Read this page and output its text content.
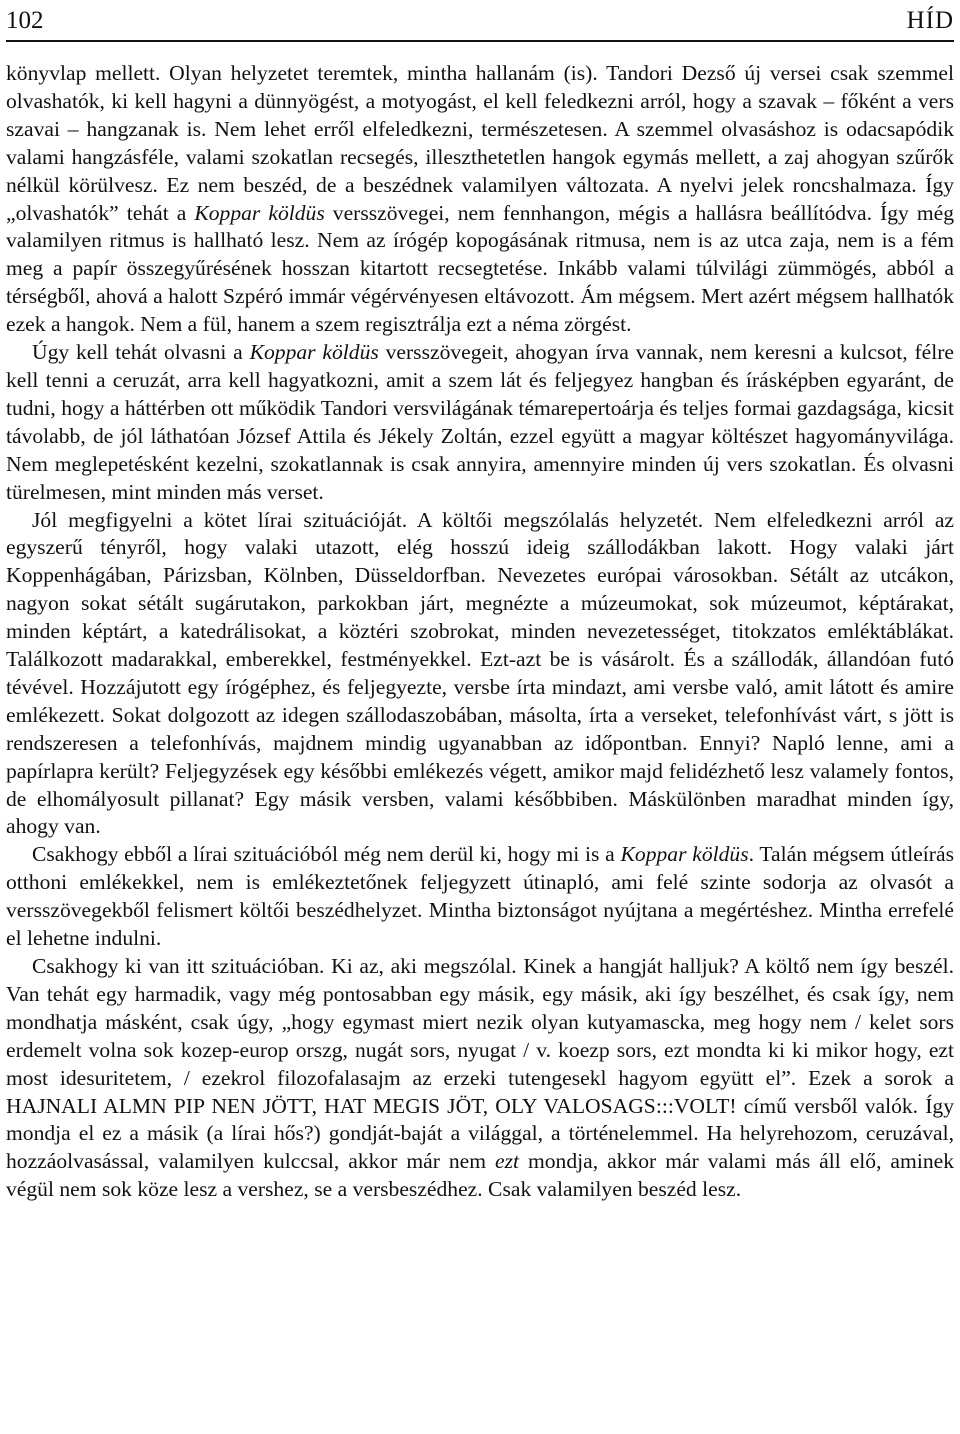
102	HÍD

könyvlap mellett. Olyan helyzetet teremtek, mintha hallanám (is). Tandori Dezső új versei csak szemmel olvashatók, ki kell hagyni a dünnyögést, a motyogást, el kell feledkezni arról, hogy a szavak – főként a vers szavai – hangzanak is. Nem lehet erről elfeledkezni, természetesen. A szemmel olvasáshoz is odacsapódik valami hangzásféle, valami szokatlan recsegés, illeszthetetlen hangok egymás mellett, a zaj ahogyan szűrők nélkül körülvesz. Ez nem beszéd, de a beszédnek valamilyen változata. A nyelvi jelek roncshalmaza. Így „olvashatók” tehát a Koppar köldüs versszövegei, nem fennhangon, mégis a hallásra beállítódva. Így még valamilyen ritmus is hallható lesz. Nem az írógép kopogásának ritmusa, nem is az utca zaja, nem is a fém meg a papír összegyűrésének hosszan kitartott recsegtetése. Inkább valami túlvilági zümmögés, abból a térségből, ahová a halott Szpéró immár végérvényesen eltávozott. Ám mégsem. Mert azért mégsem hallhatók ezek a hangok. Nem a fül, hanem a szem regisztrálja ezt a néma zörgést.

Úgy kell tehát olvasni a Koppar köldüs versszövegeit, ahogyan írva vannak, nem keresni a kulcsot, félre kell tenni a ceruzát, arra kell hagyatkozni, amit a szem lát és feljegyez hangban és írásképben egyaránt, de tudni, hogy a háttérben ott működik Tandori versvilágának témarepertoárja és teljes formai gazdagsága, kicsit távolabb, de jól láthatóan József Attila és Jékely Zoltán, ezzel együtt a magyar költészet hagyományvilága. Nem meglepetésként kezelni, szokatlannak is csak annyira, amennyire minden új vers szokatlan. És olvasni türelmesen, mint minden más verset.

Jól megfigyelni a kötet lírai szituációját. A költői megszólalás helyzetét. Nem elfeledkezni arról az egyszerű tényről, hogy valaki utazott, elég hosszú ideig szállodákban lakott. Hogy valaki járt Koppenhágában, Párizsban, Kölnben, Düsseldorfban. Nevezetes európai városokban. Sétált az utcákon, nagyon sokat sétált sugárutakon, parkokban járt, megnézte a múzeumokat, sok múzeumot, képtárakat, minden képtárt, a katedrálisokat, a köztéri szobrokat, minden nevezetességet, titokzatos emléktáblákat. Találkozott madarakkal, emberekkel, festményekkel. Ezt-azt be is vásárolt. És a szállodák, állandóan futó tévével. Hozzájutott egy írógéphez, és feljegyezte, versbe írta mindazt, ami versbe való, amit látott és amire emlékezett. Sokat dolgozott az idegen szállodaszobában, másolta, írta a verseket, telefonhívást várt, s jött is rendszeresen a telefonhívás, majdnem mindig ugyanabban az időpontban. Ennyi? Napló lenne, ami a papírlapra került? Feljegyzések egy későbbi emlékezés végett, amikor majd felidézhető lesz valamely fontos, de elhomályosult pillanat? Egy másik versben, valami későbbiben. Máskülönben maradhat minden így, ahogy van.

Csakhogy ebből a lírai szituációból még nem derül ki, hogy mi is a Koppar köldüs. Talán mégsem útleírás otthoni emlékekkel, nem is emlékeztetőnek feljegyzett útinapló, ami felé szinte sodorja az olvasót a versszövegekből felismert költői beszédhelyzet. Mintha biztonságot nyújtana a megértéshez. Mintha errefelé el lehetne indulni.

Csakhogy ki van itt szituációban. Ki az, aki megszólal. Kinek a hangját halljuk? A költő nem így beszél. Van tehát egy harmadik, vagy még pontosabban egy másik, egy másik, aki így beszélhet, és csak így, nem mondhatja másként, csak úgy, „hogy egymast miert nezik olyan kutyamascka, meg hogy nem / kelet sors erdemelt volna sok kozep-europ orszg, nugát sors, nyugat / v. koezp sors, ezt mondta ki ki mikor hogy, ezt most idesuritetem, / ezekrol filozofalasajm az erzeki tutengesekl hagyom együtt el”. Ezek a sorok a HAJNALI ALMN PIP NEN JÖTT, HAT MEGIS JÖT, OLY VALOSAGS:::VOLT! című versből valók. Így mondja el ez a másik (a lírai hős?) gondját-baját a világgal, a történelemmel. Ha helyrehozom, ceruzával, hozzáolvasással, valamilyen kulccsal, akkor már nem ezt mondja, akkor már valami más áll elő, aminek végül nem sok köze lesz a vershez, se a versbeszédhez. Csak valamilyen beszéd lesz.
